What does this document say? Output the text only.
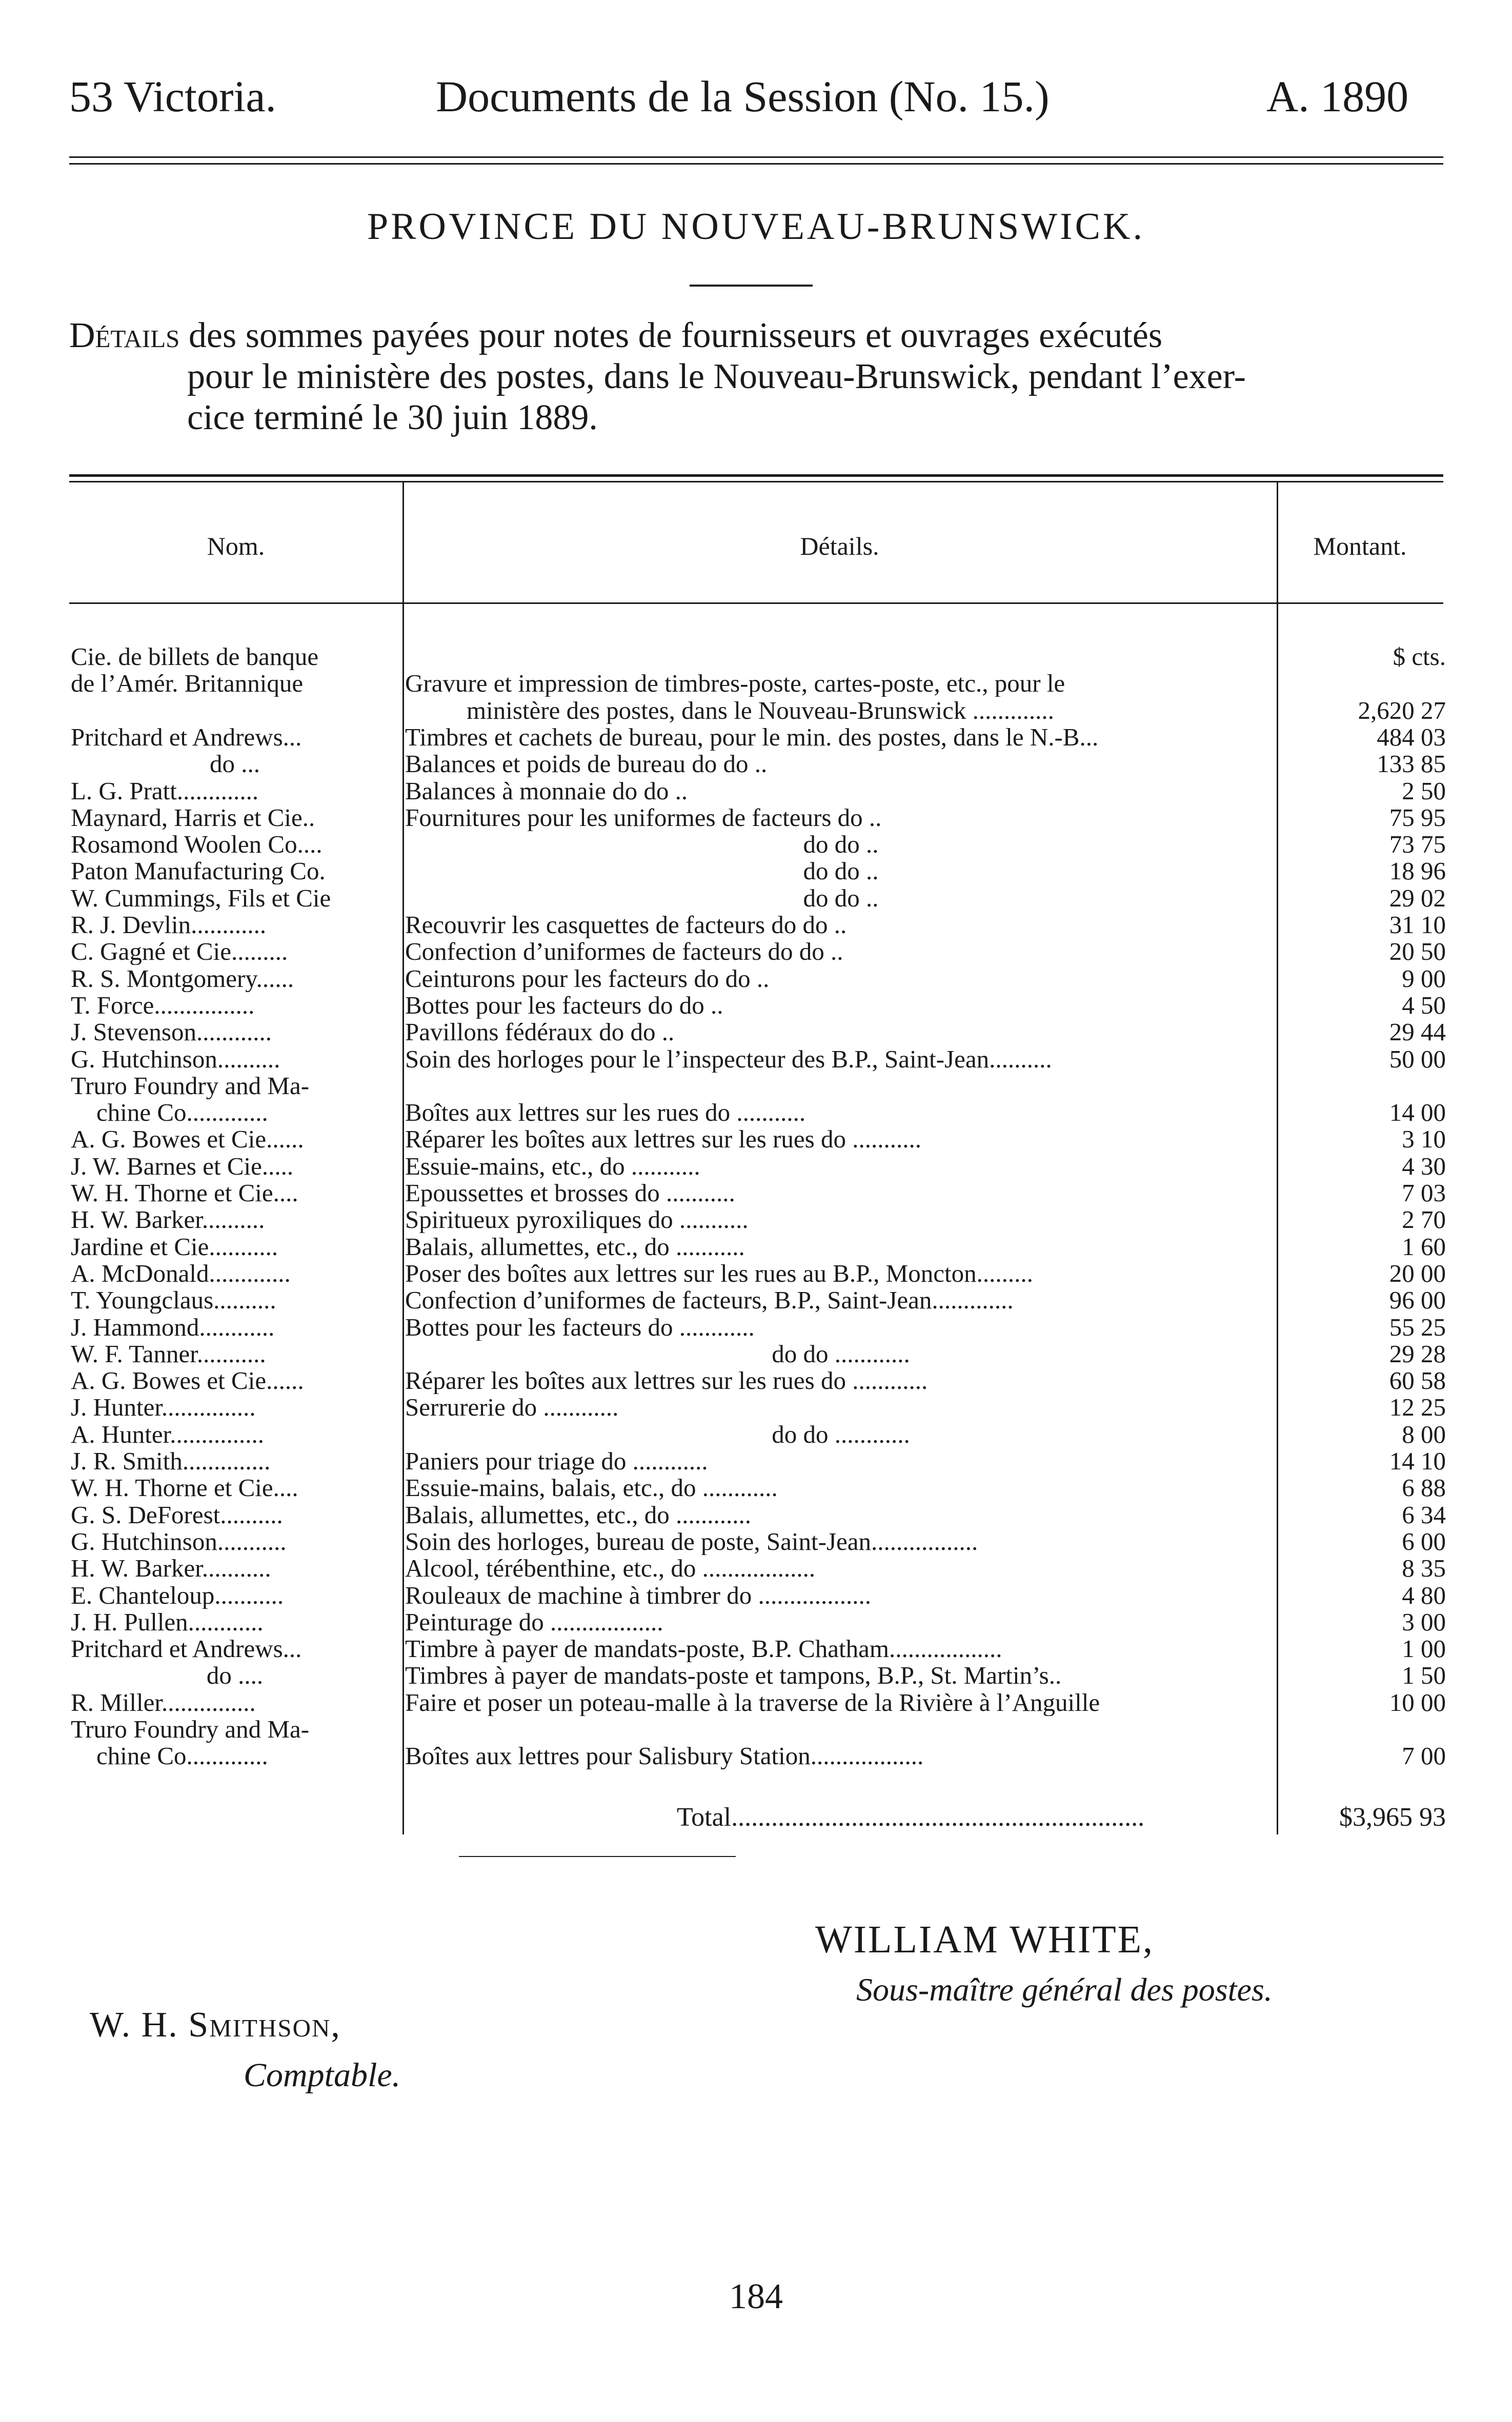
53 Victoria.	Documents de la Session (No. 15.)	A. 1890
PROVINCE DU NOUVEAU-BRUNSWICK.
Détails des sommes payées pour notes de fournisseurs et ouvrages exécutés
pour le ministère des postes, dans le Nouveau-Brunswick, pendant l’exer-
cice terminé le 30 juin 1889.
Nom.	Détails.	Montant.
$ cts.
Cie. de billets de banque
de l’Amér. Britannique	Gravure et impression de timbres-poste, cartes-poste, etc., pour le
ministère des postes, dans le Nouveau-Brunswick .............	2,620 27
Pritchard et Andrews...	Timbres et cachets de bureau, pour le min. des postes, dans le N.-B...	484 03
do ...	Balances et poids de bureau do do ..	133 85
L. G. Pratt.............	Balances à monnaie do do ..	2 50
Maynard, Harris et Cie..	Fournitures pour les uniformes de facteurs do ..	75 95
Rosamond Woolen Co....	do do ..	73 75
Paton Manufacturing Co.	do do ..	18 96
W. Cummings, Fils et Cie	do do ..	29 02
R. J. Devlin............	Recouvrir les casquettes de facteurs do do ..	31 10
C. Gagné et Cie.........	Confection d’uniformes de facteurs do do ..	20 50
R. S. Montgomery......	Ceinturons pour les facteurs do do ..	9 00
T. Force................	Bottes pour les facteurs do do ..	4 50
J. Stevenson............	Pavillons fédéraux do do ..	29 44
G. Hutchinson..........	Soin des horloges pour le l’inspecteur des B.P., Saint-Jean..........	50 00
Truro Foundry and Ma-
chine Co.............	Boîtes aux lettres sur les rues do ...........	14 00
A. G. Bowes et Cie......	Réparer les boîtes aux lettres sur les rues do ...........	3 10
J. W. Barnes et Cie.....	Essuie-mains, etc., do ...........	4 30
W. H. Thorne et Cie....	Epoussettes et brosses do ...........	7 03
H. W. Barker..........	Spiritueux pyroxiliques do ...........	2 70
Jardine et Cie...........	Balais, allumettes, etc., do ...........	1 60
A. McDonald.............	Poser des boîtes aux lettres sur les rues au B.P., Moncton.........	20 00
T. Youngclaus..........	Confection d’uniformes de facteurs, B.P., Saint-Jean.............	96 00
J. Hammond............	Bottes pour les facteurs do ............	55 25
W. F. Tanner...........	do do ............	29 28
A. G. Bowes et Cie......	Réparer les boîtes aux lettres sur les rues do ............	60 58
J. Hunter...............	Serrurerie do ............	12 25
A. Hunter...............	do do ............	8 00
J. R. Smith..............	Paniers pour triage do ............	14 10
W. H. Thorne et Cie....	Essuie-mains, balais, etc., do ............	6 88
G. S. DeForest..........	Balais, allumettes, etc., do ............	6 34
G. Hutchinson...........	Soin des horloges, bureau de poste, Saint-Jean.................	6 00
H. W. Barker...........	Alcool, térébenthine, etc., do ..................	8 35
E. Chanteloup...........	Rouleaux de machine à timbrer do ..................	4 80
J. H. Pullen............	Peinturage do ..................	3 00
Pritchard et Andrews...	Timbre à payer de mandats-poste, B.P. Chatham..................	1 00
do ....	Timbres à payer de mandats-poste et tampons, B.P., St. Martin’s..	1 50
R. Miller...............	Faire et poser un poteau-malle à la traverse de la Rivière à l’Anguille	10 00
Truro Foundry and Ma-
chine Co.............	Boîtes aux lettres pour Salisbury Station..................	7 00
Total..............................................................	$3,965 93
WILLIAM WHITE,
Sous-maître général des postes.
W. H. Smithson,
Comptable.
184
